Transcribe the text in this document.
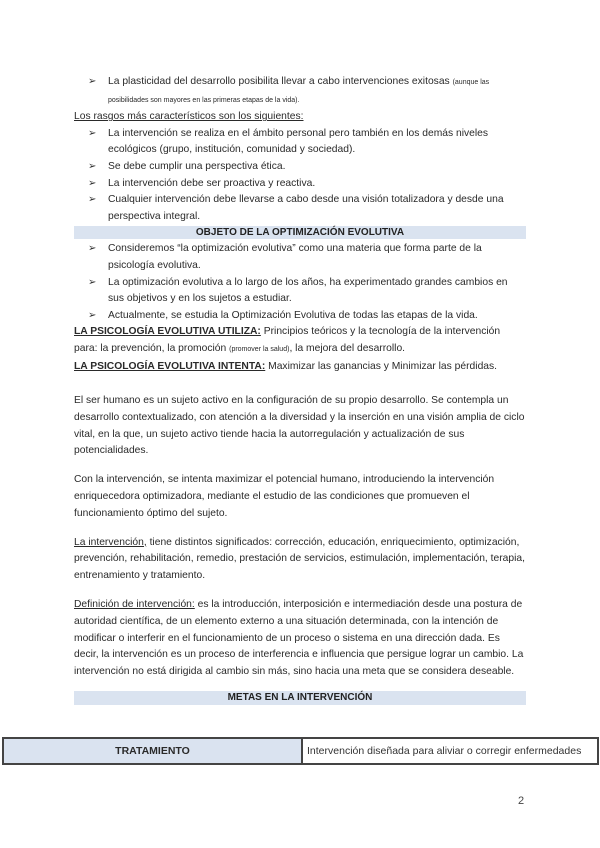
➢ La plasticidad del desarrollo posibilita llevar a cabo intervenciones exitosas (aunque las posibilidades son mayores en las primeras etapas de la vida).

Los rasgos más característicos son los siguientes:

➢ La intervención se realiza en el ámbito personal pero también en los demás niveles ecológicos (grupo, institución, comunidad y sociedad).
➢ Se debe cumplir una perspectiva ética.
➢ La intervención debe ser proactiva y reactiva.
➢ Cualquier intervención debe llevarse a cabo desde una visión totalizadora y desde una perspectiva integral.
OBJETO DE LA OPTIMIZACIÓN EVOLUTIVA
➢ Consideremos “la optimización evolutiva” como una materia que forma parte de la psicología evolutiva.
➢ La optimización evolutiva a lo largo de los años, ha experimentado grandes cambios en sus objetivos y en los sujetos a estudiar.
➢ Actualmente, se estudia la Optimización Evolutiva de todas las etapas de la vida.

LA PSICOLOGÍA EVOLUTIVA UTILIZA: Principios teóricos y la tecnología de la intervención para: la prevención, la promoción (promover la salud), la mejora del desarrollo.

LA PSICOLOGÍA EVOLUTIVA INTENTA: Maximizar las ganancias y Minimizar las pérdidas.

El ser humano es un sujeto activo en la configuración de su propio desarrollo. Se contempla un desarrollo contextualizado, con atención a la diversidad y la inserción en una visión amplia de ciclo vital, en la que, un sujeto activo tiende hacia la autorregulación y actualización de sus potencialidades.

Con la intervención, se intenta maximizar el potencial humano, introduciendo la intervención enriquecedora optimizadora, mediante el estudio de las condiciones que promueven el funcionamiento óptimo del sujeto.

La intervención, tiene distintos significados: corrección, educación, enriquecimiento, optimización, prevención, rehabilitación, remedio, prestación de servicios, estimulación, implementación, terapia, entrenamiento y tratamiento.

Definición de intervención: es la introducción, interposición e intermediación desde una postura de autoridad científica, de un elemento externo a una situación determinada, con la intención de modificar o interferir en el funcionamiento de un proceso o sistema en una dirección dada. Es decir, la intervención es un proceso de interferencia e influencia que persigue lograr un cambio. La intervención no está dirigida al cambio sin más, sino hacia una meta que se considera deseable.

METAS EN LA INTERVENCIÓN
TRATAMIENTO	Intervención diseñada para aliviar o corregir enfermedades
2
